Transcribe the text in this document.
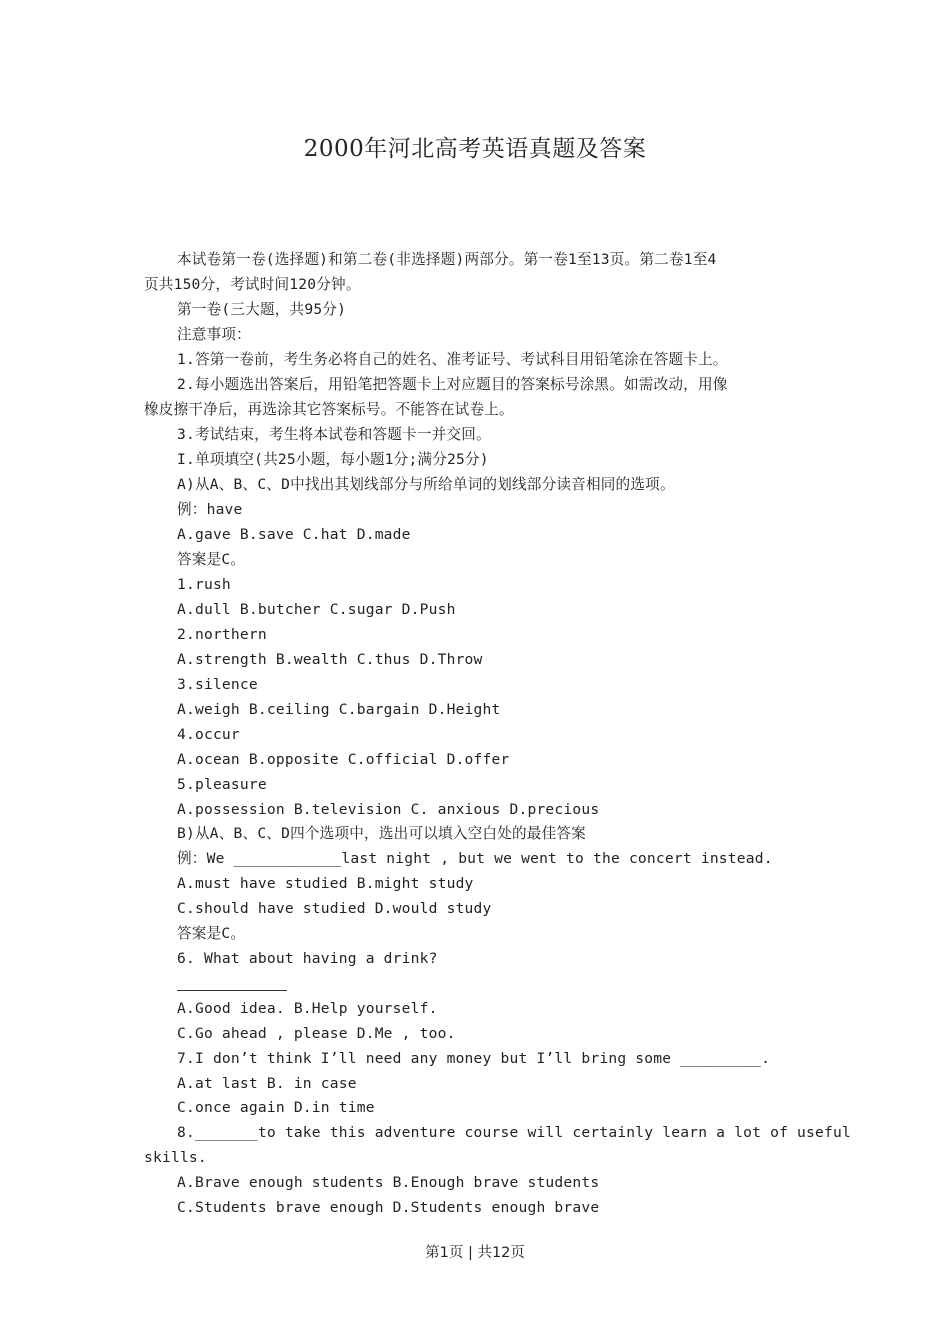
2000年河北高考英语真题及答案
本试卷第一卷(选择题)和第二卷(非选择题)两部分。第一卷1至13页。第二卷1至4
页共150分，考试时间120分钟。
第一卷(三大题，共95分)
注意事项：
1.答第一卷前，考生务必将自己的姓名、准考证号、考试科目用铅笔涂在答题卡上。
2.每小题选出答案后，用铅笔把答题卡上对应题目的答案标号涂黑。如需改动，用像
橡皮擦干净后，再选涂其它答案标号。不能答在试卷上。
3.考试结束，考生将本试卷和答题卡一并交回。
I.单项填空(共25小题，每小题1分;满分25分)
A)从A、B、C、D中找出其划线部分与所给单词的划线部分读音相同的选项。
例：have
A.gave B.save C.hat D.made
答案是C。
1.rush
A.dull B.butcher C.sugar D.Push
2.northern
A.strength B.wealth C.thus D.Throw
3.silence
A.weigh B.ceiling C.bargain D.Height
4.occur
A.ocean B.opposite C.official D.offer
5.pleasure
A.possession B.television C. anxious D.precious
B)从A、B、C、D四个选项中，选出可以填入空白处的最佳答案
例：We ____________last night , but we went to the concert instead.
A.must have studied B.might study
C.should have studied D.would study
答案是C。
6. What about having a drink?
A.Good idea. B.Help yourself.
C.Go ahead , please D.Me , too.
7.I don’t think I’ll need any money but I’ll bring some _________.
A.at last B. in case
C.once again D.in time
8._______to take this adventure course will certainly learn a lot of useful
skills.
A.Brave enough students B.Enough brave students
C.Students brave enough D.Students enough brave
第1页 | 共12页
